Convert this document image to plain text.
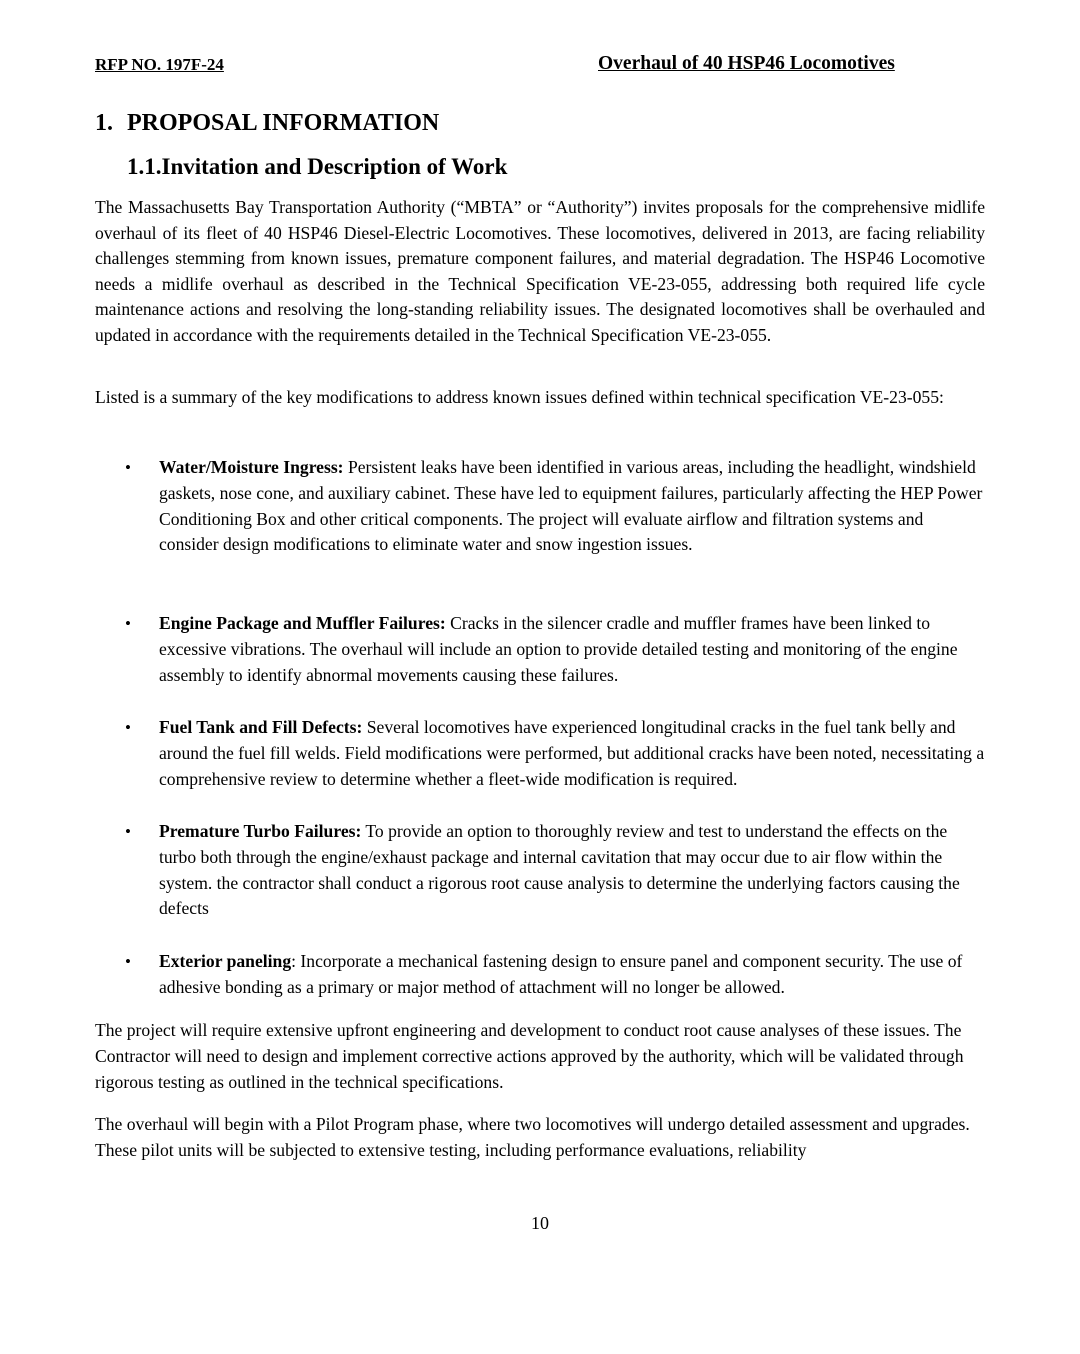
RFP NO. 197F-24	Overhaul of 40 HSP46 Locomotives
1. PROPOSAL INFORMATION
1.1.Invitation and Description of Work

The Massachusetts Bay Transportation Authority (“MBTA” or “Authority”) invites proposals for the comprehensive midlife overhaul of its fleet of 40 HSP46 Diesel-Electric Locomotives. These locomotives, delivered in 2013, are facing reliability challenges stemming from known issues, premature component failures, and material degradation. The HSP46 Locomotive needs a midlife overhaul as described in the Technical Specification VE-23-055, addressing both required life cycle maintenance actions and resolving the long-standing reliability issues. The designated locomotives shall be overhauled and updated in accordance with the requirements detailed in the Technical Specification VE-23-055.

Listed is a summary of the key modifications to address known issues defined within technical specification VE-23-055:

• Water/Moisture Ingress: Persistent leaks have been identified in various areas, including the headlight, windshield gaskets, nose cone, and auxiliary cabinet. These have led to equipment failures, particularly affecting the HEP Power Conditioning Box and other critical components. The project will evaluate airflow and filtration systems and consider design modifications to eliminate water and snow ingestion issues.
• Engine Package and Muffler Failures: Cracks in the silencer cradle and muffler frames have been linked to excessive vibrations. The overhaul will include an option to provide detailed testing and monitoring of the engine assembly to identify abnormal movements causing these failures.
• Fuel Tank and Fill Defects: Several locomotives have experienced longitudinal cracks in the fuel tank belly and around the fuel fill welds. Field modifications were performed, but additional cracks have been noted, necessitating a comprehensive review to determine whether a fleet-wide modification is required.
• Premature Turbo Failures: To provide an option to thoroughly review and test to understand the effects on the turbo both through the engine/exhaust package and internal cavitation that may occur due to air flow within the system. the contractor shall conduct a rigorous root cause analysis to determine the underlying factors causing the defects
• Exterior paneling: Incorporate a mechanical fastening design to ensure panel and component security. The use of adhesive bonding as a primary or major method of attachment will no longer be allowed.

The project will require extensive upfront engineering and development to conduct root cause analyses of these issues. The Contractor will need to design and implement corrective actions approved by the authority, which will be validated through rigorous testing as outlined in the technical specifications.

The overhaul will begin with a Pilot Program phase, where two locomotives will undergo detailed assessment and upgrades. These pilot units will be subjected to extensive testing, including performance evaluations, reliability

10
